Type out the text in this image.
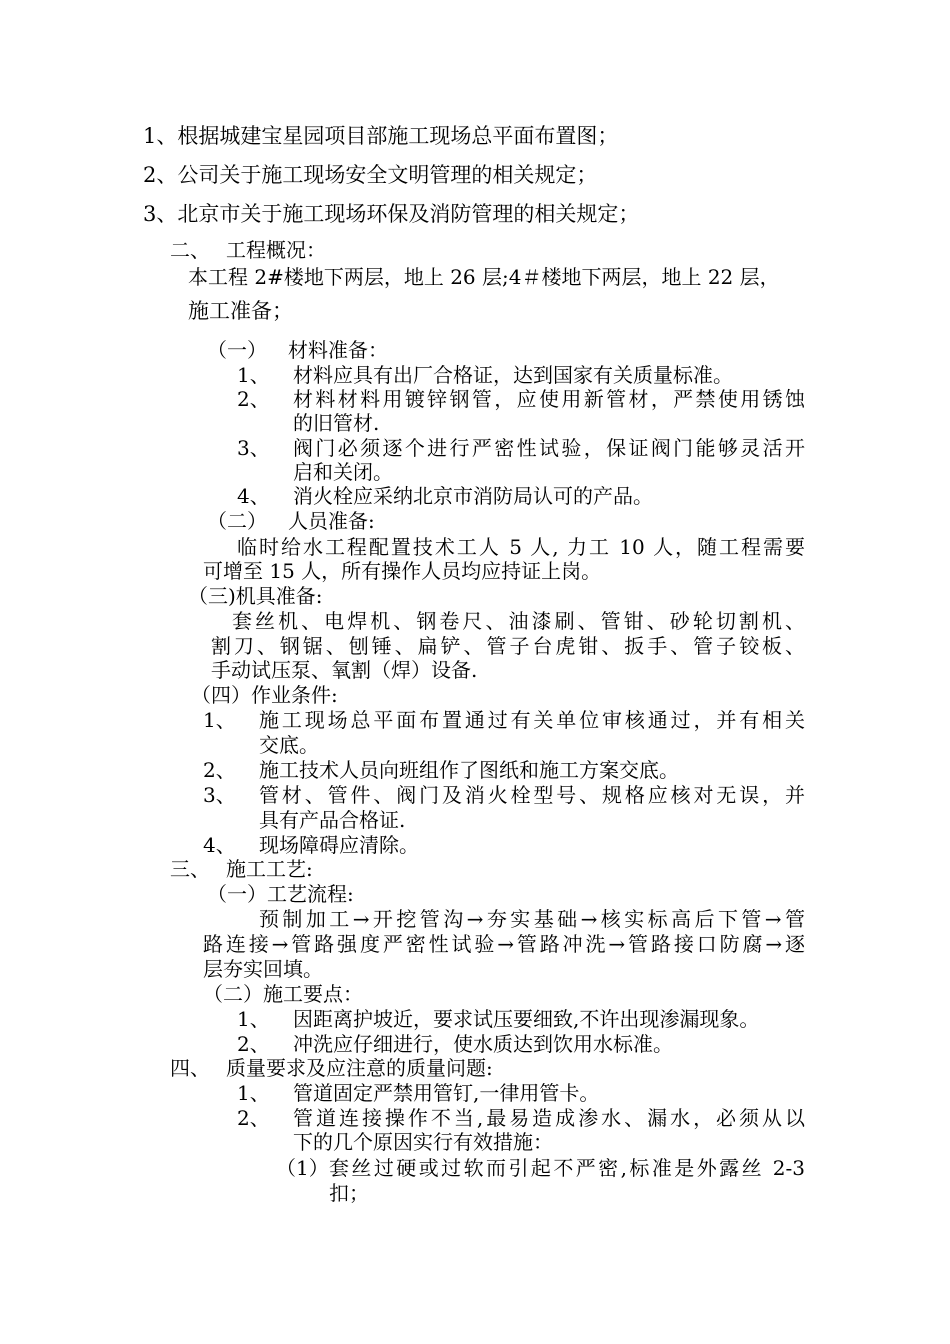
1、根据城建宝星园项目部施工现场总平面布置图；
2、公司关于施工现场安全文明管理的相关规定；
3、北京市关于施工现场环保及消防管理的相关规定；
二、 工程概况：
本工程 2#楼地下两层，地上 26 层;4＃楼地下两层，地上 22 层，
施工准备；
（一） 材料准备：
1、 材料应具有出厂合格证，达到国家有关质量标准。
2、 材料材料用镀锌钢管，应使用新管材，严禁使用锈蚀
的旧管材.
3、 阀门必须逐个进行严密性试验，保证阀门能够灵活开
启和关闭。
4、 消火栓应采纳北京市消防局认可的产品。
（二） 人员准备:
临时给水工程配置技术工人 5 人, 力工 10 人，随工程需要
可增至 15 人，所有操作人员均应持证上岗。
（三)机具准备:
套丝机、电焊机、钢卷尺、油漆刷、管钳、砂轮切割机、
割刀、钢锯、刨锤、扁铲、管子台虎钳、扳手、管子铰板、
手动试压泵、氧割（焊）设备.
（四）作业条件:
1、 施工现场总平面布置通过有关单位审核通过，并有相关
交底。
2、 施工技术人员向班组作了图纸和施工方案交底。
3、 管材、管件、阀门及消火栓型号、规格应核对无误，并
具有产品合格证.
4、 现场障碍应清除。
三、 施工工艺:
（一）工艺流程:
预制加工→开挖管沟→夯实基础→核实标高后下管→管
路连接→管路强度严密性试验→管路冲洗→管路接口防腐→逐
层夯实回填。
（二）施工要点：
1、 因距离护坡近，要求试压要细致,不许出现渗漏现象。
2、 冲洗应仔细进行，使水质达到饮用水标准。
四、 质量要求及应注意的质量问题:
1、 管道固定严禁用管钉,一律用管卡。
2、 管道连接操作不当,最易造成渗水、漏水，必须从以
下的几个原因实行有效措施：
（1） 套丝过硬或过软而引起不严密,标准是外露丝 2-3
扣；
